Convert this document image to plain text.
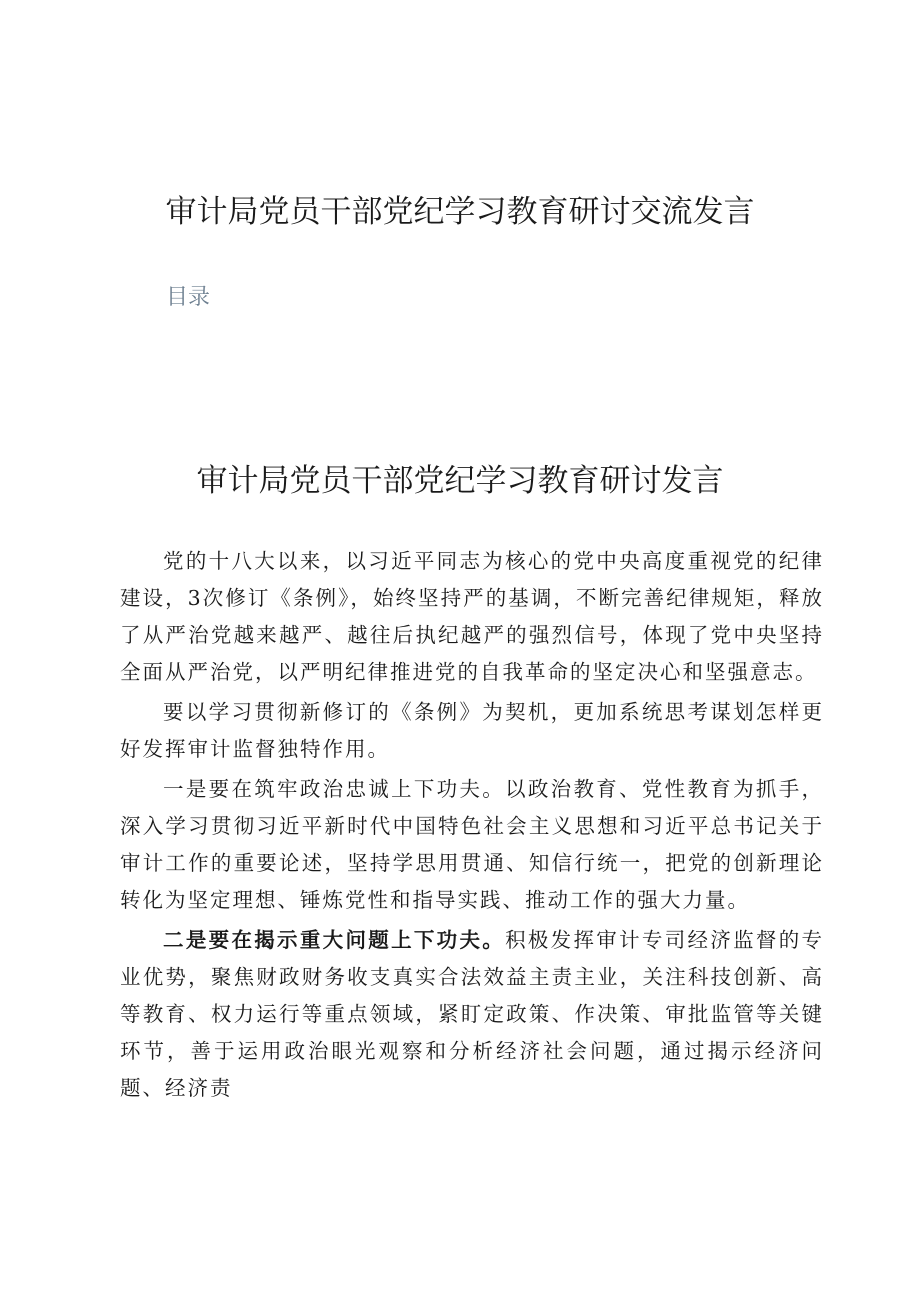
审计局党员干部党纪学习教育研讨交流发言
目录
审计局党员干部党纪学习教育研讨发言

党的十八大以来，以习近平同志为核心的党中央高度重视党的纪律建设，3次修订《条例》，始终坚持严的基调，不断完善纪律规矩，释放了从严治党越来越严、越往后执纪越严的强烈信号，体现了党中央坚持全面从严治党，以严明纪律推进党的自我革命的坚定决心和坚强意志。

要以学习贯彻新修订的《条例》为契机，更加系统思考谋划怎样更好发挥审计监督独特作用。

一是要在筑牢政治忠诚上下功夫。以政治教育、党性教育为抓手，深入学习贯彻习近平新时代中国特色社会主义思想和习近平总书记关于审计工作的重要论述，坚持学思用贯通、知信行统一，把党的创新理论转化为坚定理想、锤炼党性和指导实践、推动工作的强大力量。

二是要在揭示重大问题上下功夫。积极发挥审计专司经济监督的专业优势，聚焦财政财务收支真实合法效益主责主业，关注科技创新、高等教育、权力运行等重点领域，紧盯定政策、作决策、审批监管等关键环节，善于运用政治眼光观察和分析经济社会问题，通过揭示经济问题、经济责
